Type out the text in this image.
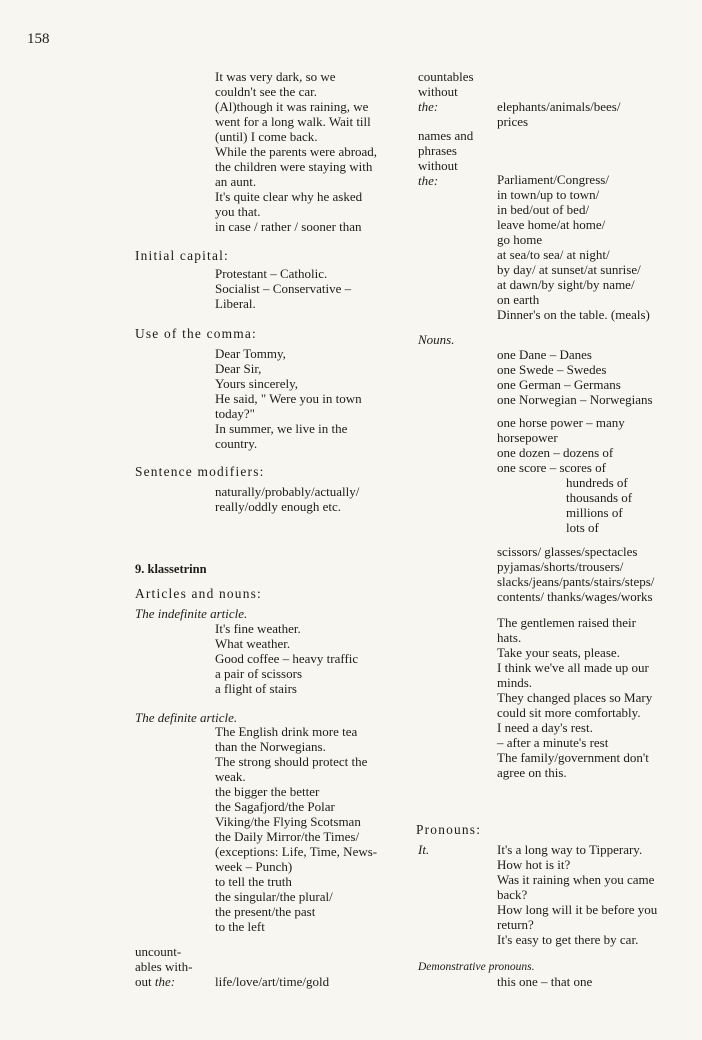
158
It was very dark, so we
couldn't see the car.
(Al)though it was raining, we
went for a long walk. Wait till
(until) I come back.
While the parents were abroad,
the children were staying with
an aunt.
It's quite clear why he asked
you that.
in case / rather / sooner than
Initial capital:
Protestant – Catholic.
Socialist – Conservative –
Liberal.
Use of the comma:
Dear Tommy,
Dear Sir,
Yours sincerely,
He said, " Were you in town
today?"
In summer, we live in the
country.
Sentence modifiers:
naturally/probably/actually/
really/oddly enough etc.
9. klassetrinn
Articles and nouns:
The indefinite article.
It's fine weather.
What weather.
Good coffee – heavy traffic
a pair of scissors
a flight of stairs
The definite article.
The English drink more tea
than the Norwegians.
The strong should protect the
weak.
the bigger the better
the Sagafjord/the Polar
Viking/the Flying Scotsman
the Daily Mirror/the Times/
(exceptions: Life, Time, News-
week – Punch)
to tell the truth
the singular/the plural/
the present/the past
to the left
uncount-
ables with-
out the:	life/love/art/time/gold
countables
without
the:	elephants/animals/bees/
prices
names and
phrases
without
the:	Parliament/Congress/
in town/up to town/
in bed/out of bed/
leave home/at home/
go home
at sea/to sea/ at night/
by day/ at sunset/at sunrise/
at dawn/by sight/by name/
on earth
Dinner's on the table. (meals)
Nouns.
one Dane – Danes
one Swede – Swedes
one German – Germans
one Norwegian – Norwegians
one horse power – many
horsepower
one dozen – dozens of
one score – scores of
hundreds of
thousands of
millions of
lots of
scissors/ glasses/spectacles
pyjamas/shorts/trousers/
slacks/jeans/pants/stairs/steps/
contents/ thanks/wages/works
The gentlemen raised their
hats.
Take your seats, please.
I think we've all made up our
minds.
They changed places so Mary
could sit more comfortably.
I need a day's rest.
– after a minute's rest
The family/government don't
agree on this.
Pronouns:
It.	It's a long way to Tipperary.
How hot is it?
Was it raining when you came
back?
How long will it be before you
return?
It's easy to get there by car.
Demonstrative pronouns.
this one – that one
